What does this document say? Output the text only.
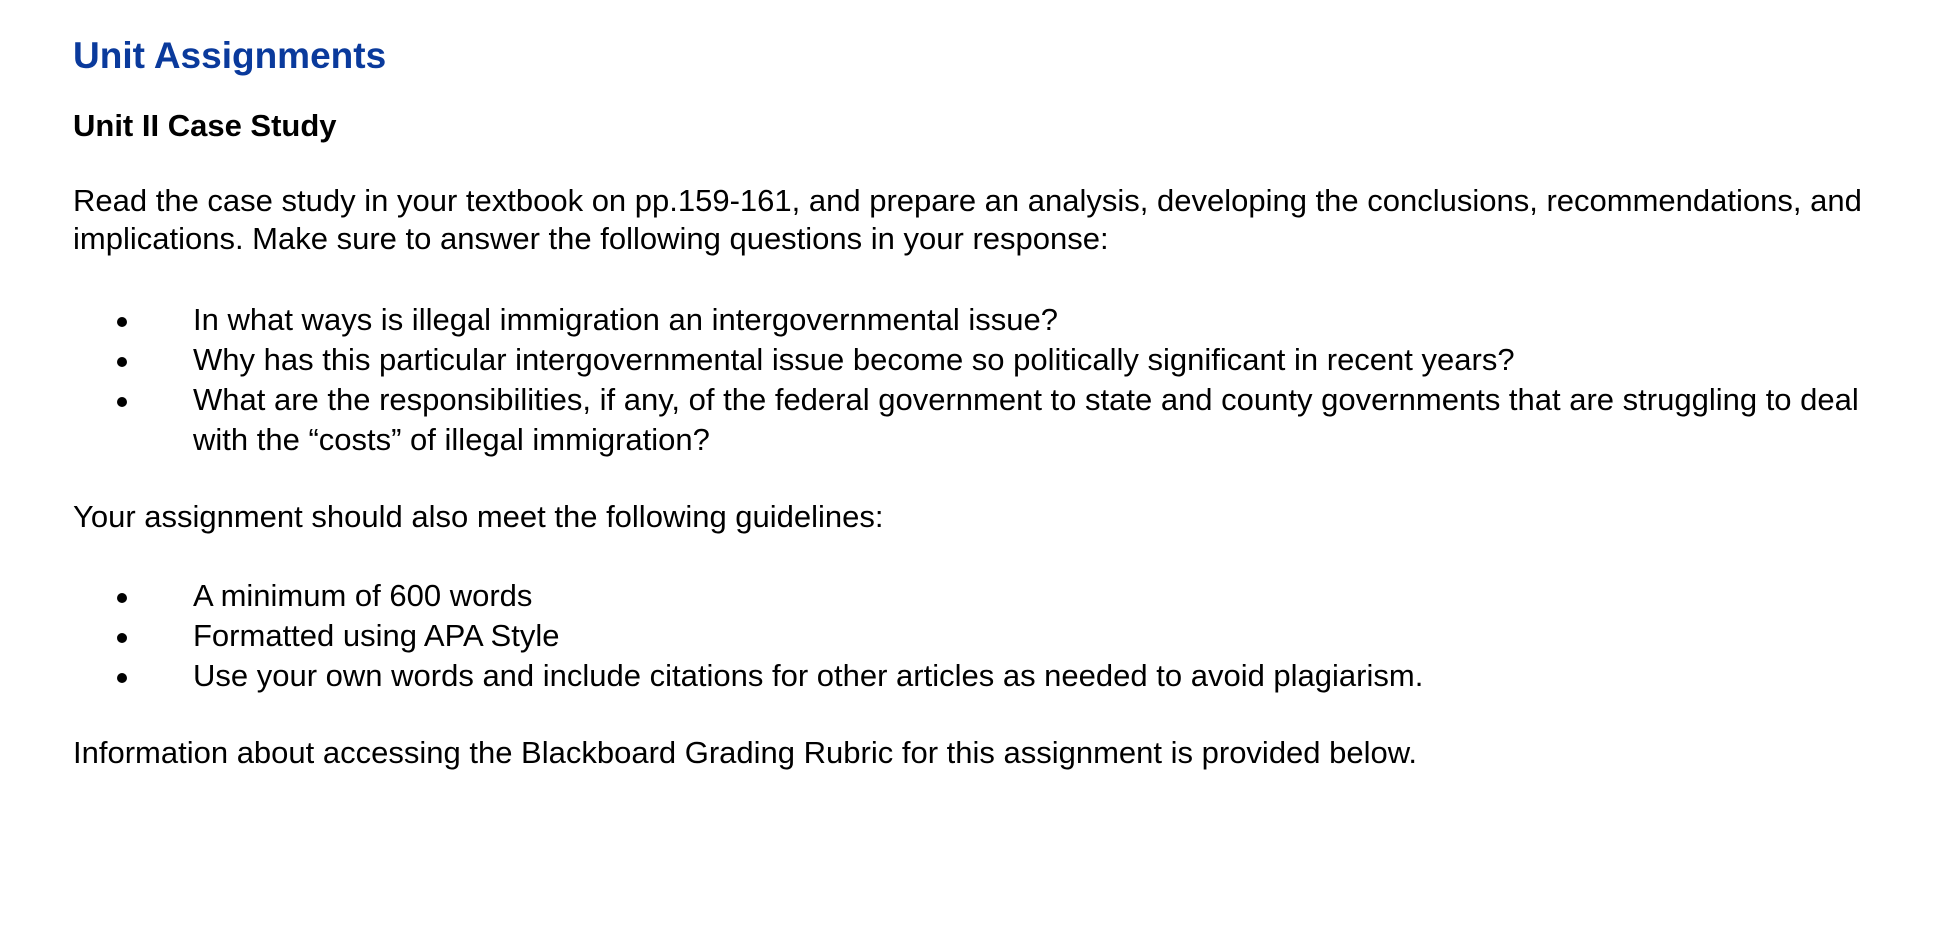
Unit Assignments
Unit II Case Study

Read the case study in your textbook on pp.159-161, and prepare an analysis, developing the conclusions, recommendations, and implications. Make sure to answer the following questions in your response:

In what ways is illegal immigration an intergovernmental issue?
Why has this particular intergovernmental issue become so politically significant in recent years?
What are the responsibilities, if any, of the federal government to state and county governments that are struggling to deal with the “costs” of illegal immigration?

Your assignment should also meet the following guidelines:

A minimum of 600 words
Formatted using APA Style
Use your own words and include citations for other articles as needed to avoid plagiarism.

Information about accessing the Blackboard Grading Rubric for this assignment is provided below.
